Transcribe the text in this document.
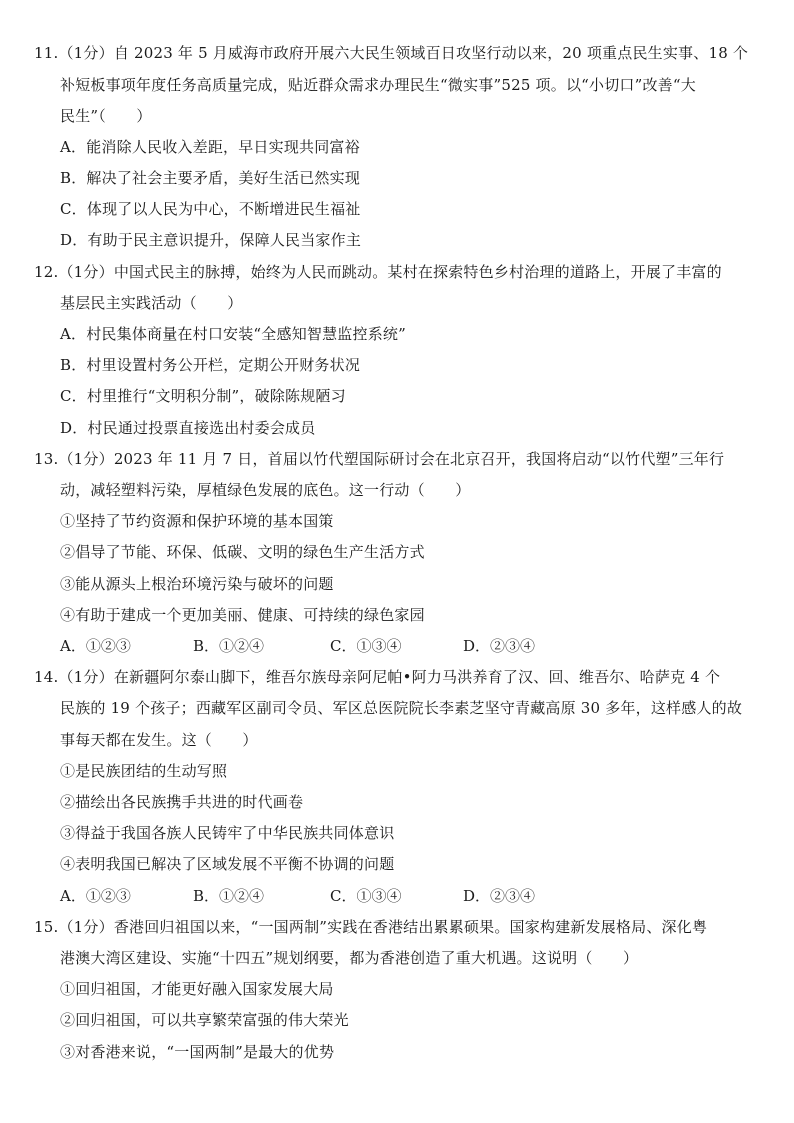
11.（1分）自 2023 年 5 月威海市政府开展六大民生领域百日攻坚行动以来，20 项重点民生实事、18 个
补短板事项年度任务高质量完成，贴近群众需求办理民生“微实事”525 项。以“小切口”改善“大
民生”（　　）
A．能消除人民收入差距，早日实现共同富裕
B．解决了社会主要矛盾，美好生活已然实现
C．体现了以人民为中心，不断增进民生福祉
D．有助于民主意识提升，保障人民当家作主
12.（1分）中国式民主的脉搏，始终为人民而跳动。某村在探索特色乡村治理的道路上，开展了丰富的
基层民主实践活动（　　）
A．村民集体商量在村口安装“全感知智慧监控系统”
B．村里设置村务公开栏，定期公开财务状况
C．村里推行“文明积分制”，破除陈规陋习
D．村民通过投票直接选出村委会成员
13.（1分）2023 年 11 月 7 日，首届以竹代塑国际研讨会在北京召开，我国将启动“以竹代塑”三年行
动，减轻塑料污染，厚植绿色发展的底色。这一行动（　　）
①坚持了节约资源和保护环境的基本国策
②倡导了节能、环保、低碳、文明的绿色生产生活方式
③能从源头上根治环境污染与破坏的问题
④有助于建成一个更加美丽、健康、可持续的绿色家园
A．①②③	B．①②④	C．①③④	D．②③④
14.（1分）在新疆阿尔泰山脚下，维吾尔族母亲阿尼帕•阿力马洪养育了汉、回、维吾尔、哈萨克 4 个
民族的 19 个孩子；西藏军区副司令员、军区总医院院长李素芝坚守青藏高原 30 多年，这样感人的故
事每天都在发生。这（　　）
①是民族团结的生动写照
②描绘出各民族携手共进的时代画卷
③得益于我国各族人民铸牢了中华民族共同体意识
④表明我国已解决了区域发展不平衡不协调的问题
A．①②③	B．①②④	C．①③④	D．②③④
15.（1分）香港回归祖国以来，“一国两制”实践在香港结出累累硕果。国家构建新发展格局、深化粤
港澳大湾区建设、实施“十四五”规划纲要，都为香港创造了重大机遇。这说明（　　）
①回归祖国，才能更好融入国家发展大局
②回归祖国，可以共享繁荣富强的伟大荣光
③对香港来说，“一国两制”是最大的优势
